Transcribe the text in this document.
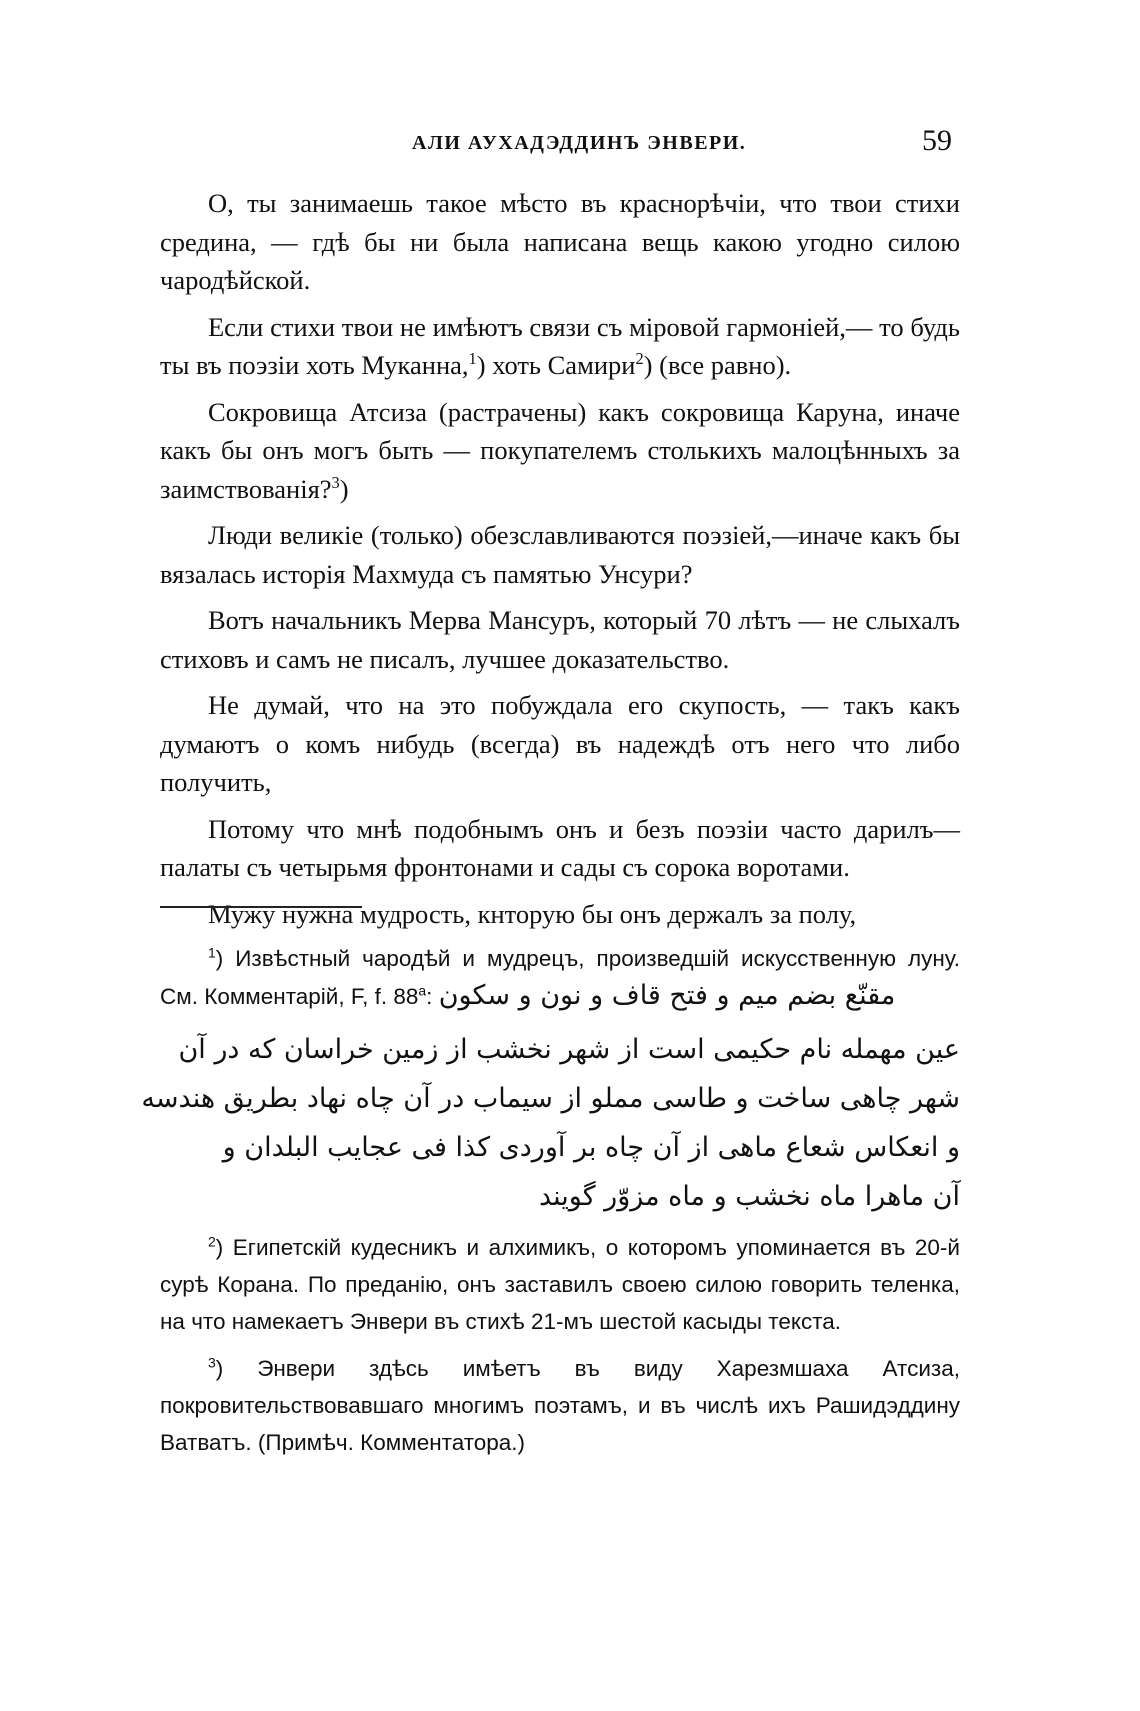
АЛИ АУХАДЭДДИНЪ ЭНВЕРИ.	59

О, ты занимаешь такое мѣсто въ краснорѣчіи, что твои стихи средина, — гдѣ бы ни была написана вещь какою угодно силою чародѣйской.

Если стихи твои не имѣютъ связи съ міровой гармоніей,— то будь ты въ поэзіи хоть Муканна,$^1$) хоть Самири$^2$) (все равно).

Сокровища Атсиза (растрачены) какъ сокровища Каруна, иначе какъ бы онъ могъ быть — покупателемъ столькихъ малоцѣнныхъ за заимствованія?$^3$)

Люди великіе (только) обезславливаются поэзіей,—иначе какъ бы вязалась исторія Махмуда съ памятью Унсури?

Вотъ начальникъ Мерва Мансуръ, который 70 лѣтъ — не слыхалъ стиховъ и самъ не писалъ, лучшее доказательство.

Не думай, что на это побуждала его скупость, — такъ какъ думаютъ о комъ нибудь (всегда) въ надеждѣ отъ него что либо получить,

Потому что мнѣ подобнымъ онъ и безъ поэзіи часто дарилъ— палаты съ четырьмя фронтонами и сады съ сорока воротами.

Мужу нужна мудрость, кнторую бы онъ держалъ за полу,

$^1$) Извѣстный чародѣй и мудрецъ, произведшій искусственную луну. См. Комментарій, F, f. 88$^a$: مقنّع بضم ميم و فتح قاف و نون و سكون
عين مهمله نام حكيمى است از شهر نخشب از زمين خراسان كه در آن
شهر چاهى ساخت و طاسى مملو از سيماب در آن چاه نهاد بطريق هندسه
و انعكاس شعاع ماهى از آن چاه بر آوردى كذا فى عجايب البلدان و
آن ماهرا ماه نخشب و ماه مزوّر گويند
$^2$) Египетскій кудесникъ и алхимикъ, о которомъ упоминается въ 20-й сурѣ Корана. По преданію, онъ заставилъ своею силою говорить теленка, на что намекаетъ Энвери въ стихѣ 21-мъ шестой касыды текста.
$^3$) Энвери здѣсь имѣетъ въ виду Харезмшаха Атсиза, покровительствовавшаго многимъ поэтамъ, и въ числѣ ихъ Рашидэддину Ватватъ. (Примѣч. Комментатора.)
